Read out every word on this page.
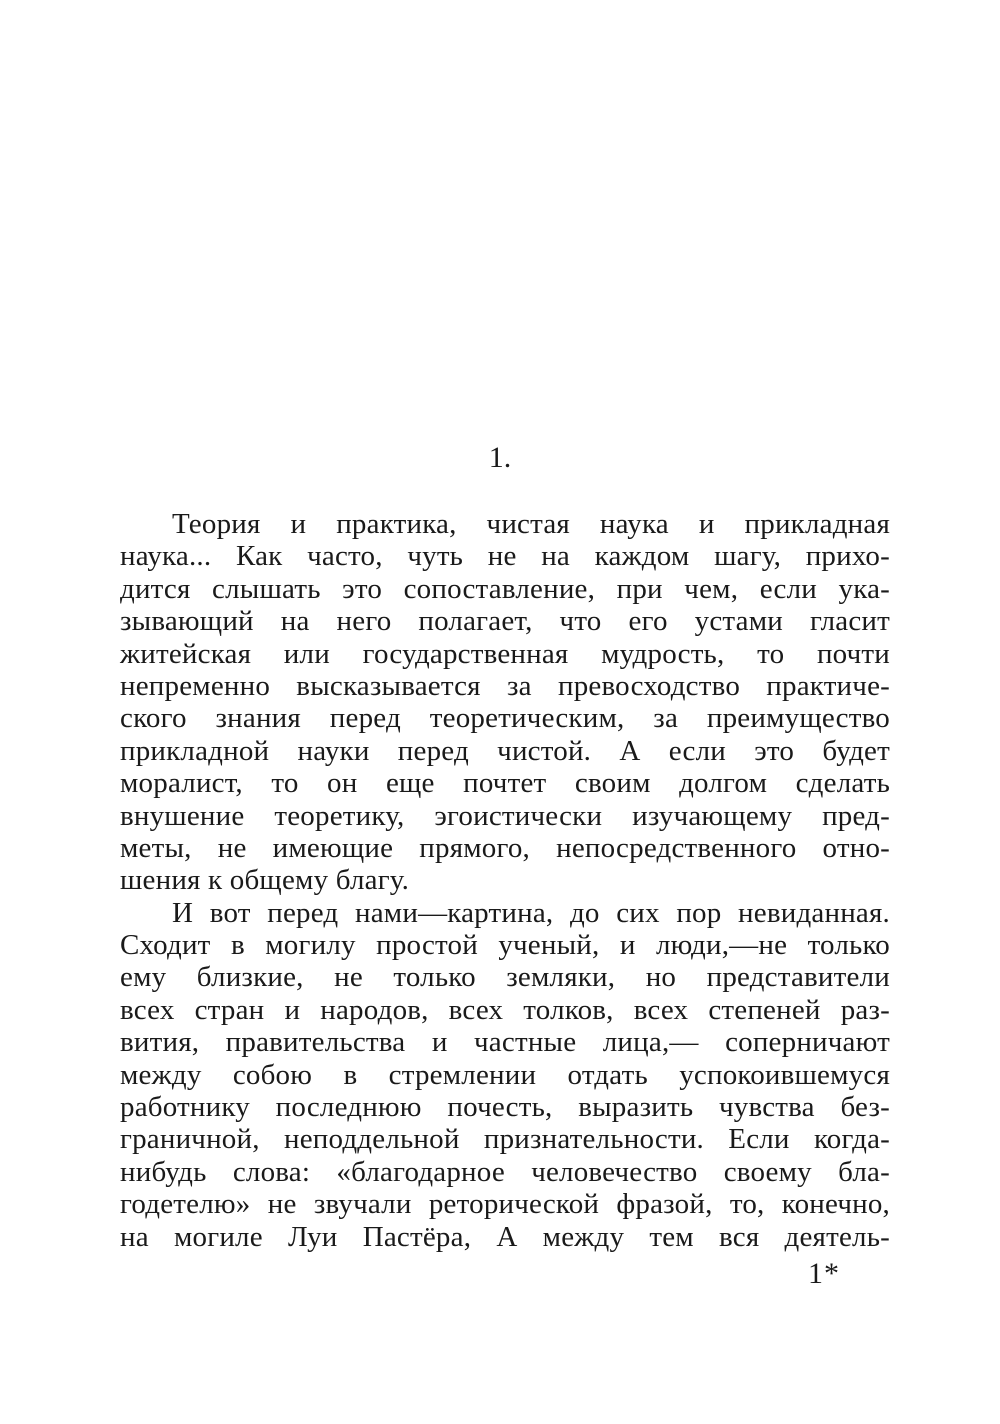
1.
Теория и практика, чистая наука и прикладная
наука... Как часто, чуть не на каждом шагу, прихо-
дится слышать это сопоставление, при чем, если ука-
зывающий на него полагает, что его устами гласит
житейская или государственная мудрость, то почти
непременно высказывается за превосходство практиче-
ского знания перед теоретическим, за преимущество
прикладной науки перед чистой. А если это будет
моралист, то он еще почтет своим долгом сделать
внушение теоретику, эгоистически изучающему пред-
меты, не имеющие прямого, непосредственного отно-
шения к общему благу.
И вот перед нами—картина, до сих пор невиданная.
Сходит в могилу простой ученый, и люди,—не только
ему близкие, не только земляки, но представители
всех стран и народов, всех толков, всех степеней раз-
вития, правительства и частные лица,— соперничают
между собою в стремлении отдать успокоившемуся
работнику последнюю почесть, выразить чувства без-
граничной, неподдельной признательности. Если когда-
нибудь слова: «благодарное человечество своему бла-
годетелю» не звучали реторической фразой, то, конечно,
на могиле Луи Пастёра, А между тем вся деятель-
1*
